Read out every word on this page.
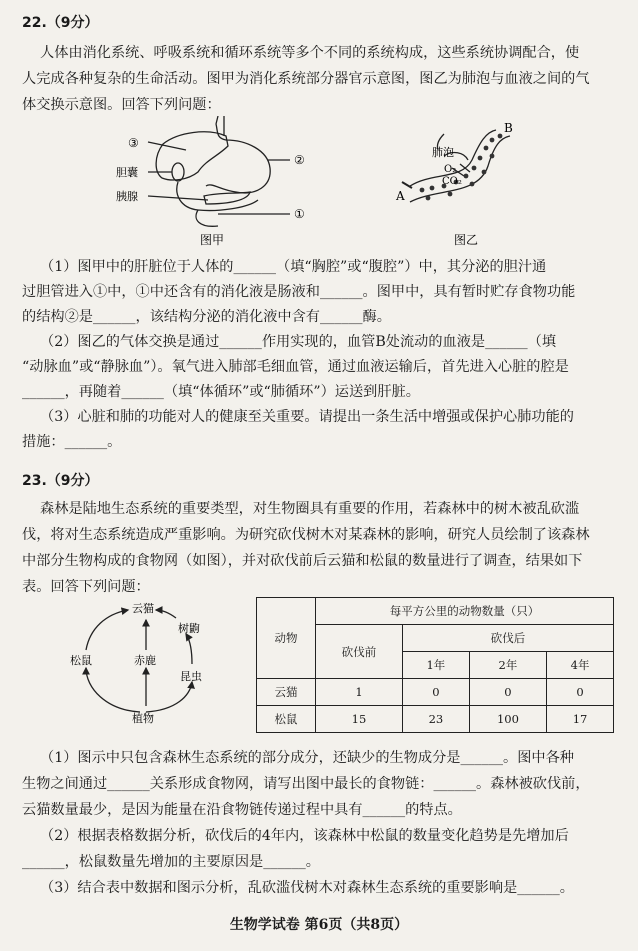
22.（9分）
人体由消化系统、呼吸系统和循环系统等多个不同的系统构成，这些系统协调配合，使
人完成各种复杂的生命活动。图甲为消化系统部分器官示意图，图乙为肺泡与血液之间的气
体交换示意图。回答下列问题：
③
②
①
胆囊
胰腺
图甲
肺泡
O₂
CO₂
A
B
图乙
（1）图甲中的肝脏位于人体的______（填“胸腔”或“腹腔”）中，其分泌的胆汁通
过胆管进入①中，①中还含有的消化液是肠液和______。图甲中，具有暂时贮存食物功能
的结构②是______，该结构分泌的消化液中含有______酶。
（2）图乙的气体交换是通过______作用实现的，血管B处流动的血液是______（填
“动脉血”或“静脉血”）。氧气进入肺部毛细血管，通过血液运输后，首先进入心脏的腔是
______，再随着______（填“体循环”或“肺循环”）运送到肝脏。
（3）心脏和肺的功能对人的健康至关重要。请提出一条生活中增强或保护心肺功能的
措施：______。
23.（9分）
森林是陆地生态系统的重要类型，对生物圈具有重要的作用，若森林中的树木被乱砍滥
伐，将对生态系统造成严重影响。为研究砍伐树木对某森林的影响，研究人员绘制了该森林
中部分生物构成的食物网（如图），并对砍伐前后云猫和松鼠的数量进行了调查，结果如下
表。回答下列问题：
云猫
树鼩
松鼠	赤鹿
昆虫
植物
动物	每平方公里的动物数量（只）			
	砍伐前	砍伐后		
		1年	2年	4年
云猫	1	0	0	0
松鼠	15	23	100	17
（1）图示中只包含森林生态系统的部分成分，还缺少的生物成分是______。图中各种
生物之间通过______关系形成食物网，请写出图中最长的食物链：______。森林被砍伐前，
云猫数量最少，是因为能量在沿食物链传递过程中具有______的特点。
（2）根据表格数据分析，砍伐后的4年内，该森林中松鼠的数量变化趋势是先增加后
______，松鼠数量先增加的主要原因是______。
（3）结合表中数据和图示分析，乱砍滥伐树木对森林生态系统的重要影响是______。
生物学试卷 第6页（共8页）
